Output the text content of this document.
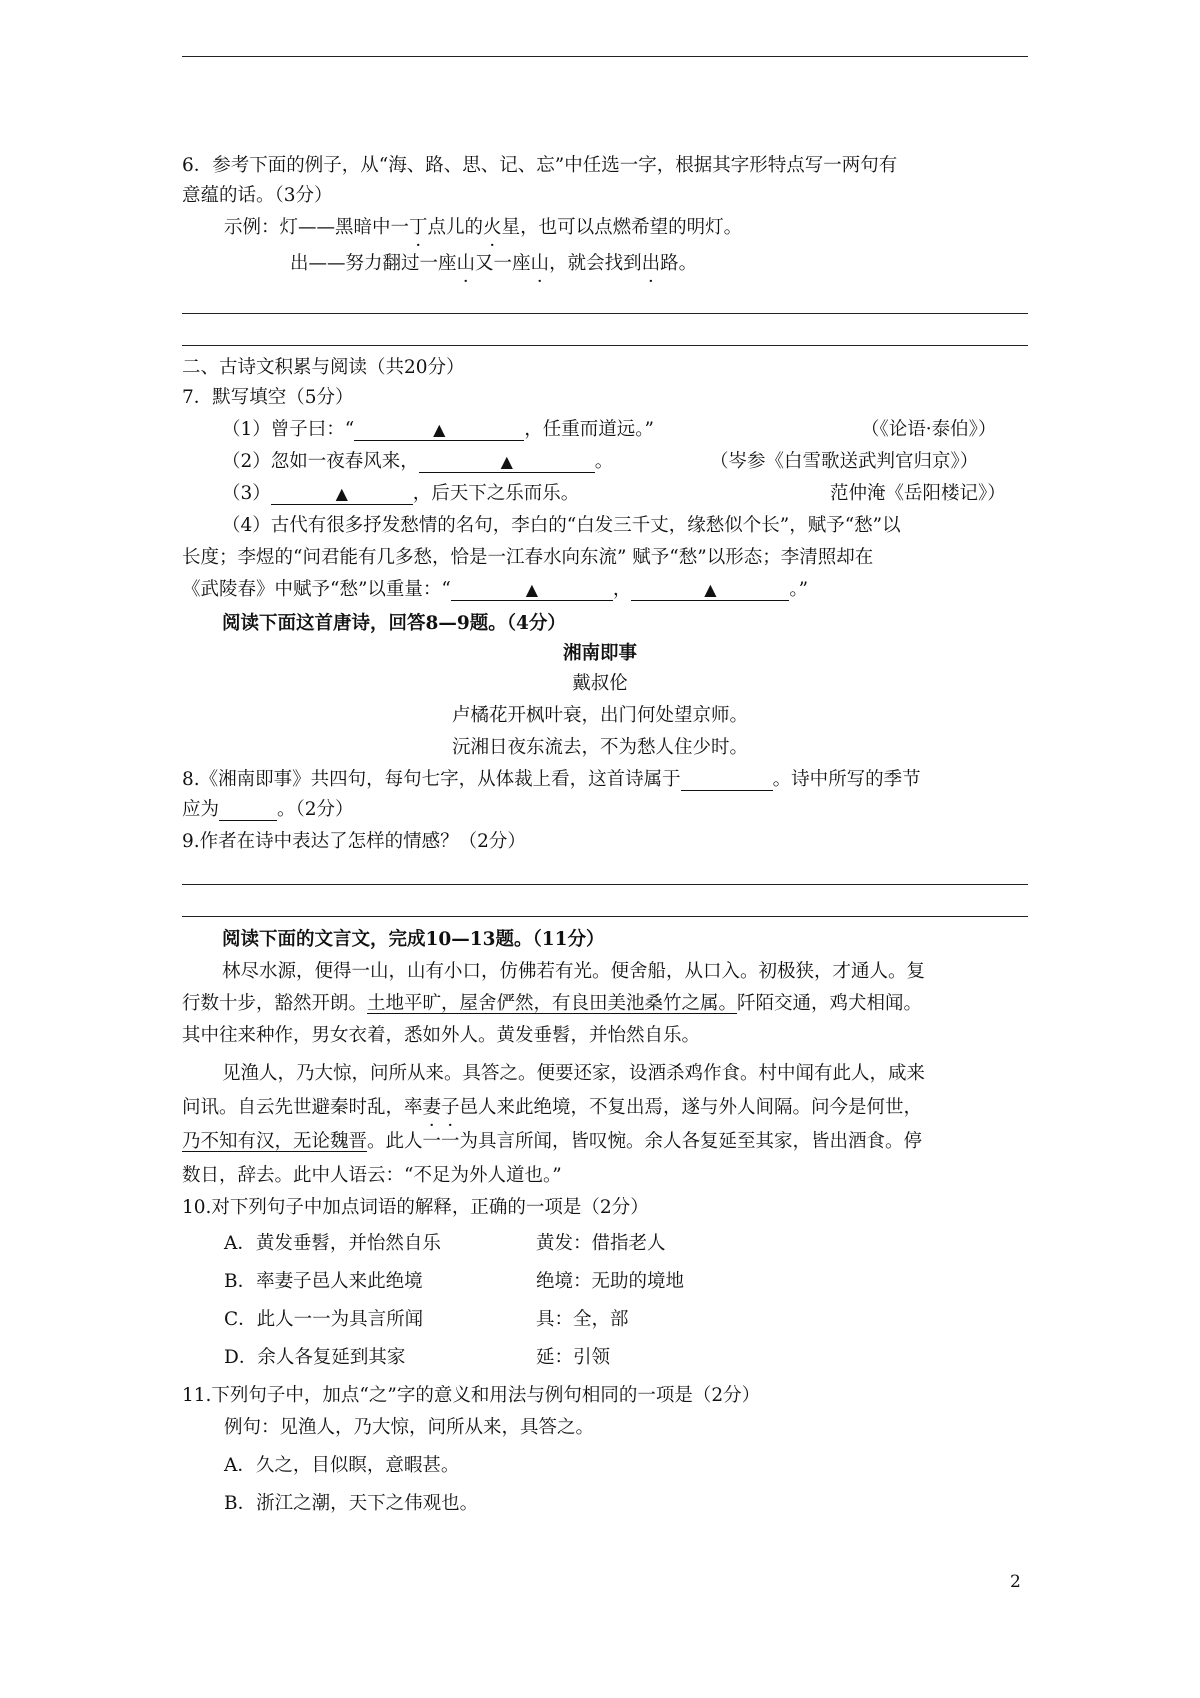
6．参考下面的例子，从“海、路、思、记、忘”中任选一字，根据其字形特点写一两句有
意蕴的话。（3分）
示例：灯——黑暗中一丁点儿的火星，也可以点燃希望的明灯。
出——努力翻过一座山又一座山，就会找到出路。
二、古诗文积累与阅读（共20分）
7．默写填空（5分）
（1）曾子曰：“	▲	，任重而道远。”	（《论语·泰伯》）
（2）忽如一夜春风来，	▲	。	（岑参《白雪歌送武判官归京》）
（3）	▲	，后天下之乐而乐。	范仲淹《岳阳楼记》）
（4）古代有很多抒发愁情的名句，李白的“白发三千丈，缘愁似个长”，赋予“愁”以
长度；李煜的“问君能有几多愁，恰是一江春水向东流” 赋予“愁”以形态；李清照却在
《武陵春》中赋予“愁”以重量：“	▲	，	▲	。”
阅读下面这首唐诗，回答8—9题。（4分）
湘南即事
戴叔伦
卢橘花开枫叶衰，出门何处望京师。
沅湘日夜东流去，不为愁人住少时。
8.《湘南即事》共四句，每句七字，从体裁上看，这首诗属于	。诗中所写的季节
应为	。（2分）
9.作者在诗中表达了怎样的情感？（2分）
阅读下面的文言文，完成10—13题。（11分）
林尽水源，便得一山，山有小口，仿佛若有光。便舍船，从口入。初极狭，才通人。复
行数十步，豁然开朗。土地平旷，屋舍俨然，有良田美池桑竹之属。阡陌交通，鸡犬相闻。
其中往来种作，男女衣着，悉如外人。黄发垂髫，并怡然自乐。
见渔人，乃大惊，问所从来。具答之。便要还家，设酒杀鸡作食。村中闻有此人，咸来
问讯。自云先世避秦时乱，率妻子邑人来此绝境，不复出焉，遂与外人间隔。问今是何世，
乃不知有汉，无论魏晋。此人一一为具言所闻，皆叹惋。余人各复延至其家，皆出酒食。停
数日，辞去。此中人语云：“不足为外人道也。”
10.对下列句子中加点词语的解释，正确的一项是（2分）
A．黄发垂髫，并怡然自乐	黄发：借指老人
B．率妻子邑人来此绝境	绝境：无助的境地
C．此人一一为具言所闻	具：全，部
D．余人各复延到其家	延：引领
11.下列句子中，加点“之”字的意义和用法与例句相同的一项是（2分）
例句：见渔人，乃大惊，问所从来，具答之。
A．久之，目似瞑，意暇甚。
B．浙江之潮，天下之伟观也。
2
